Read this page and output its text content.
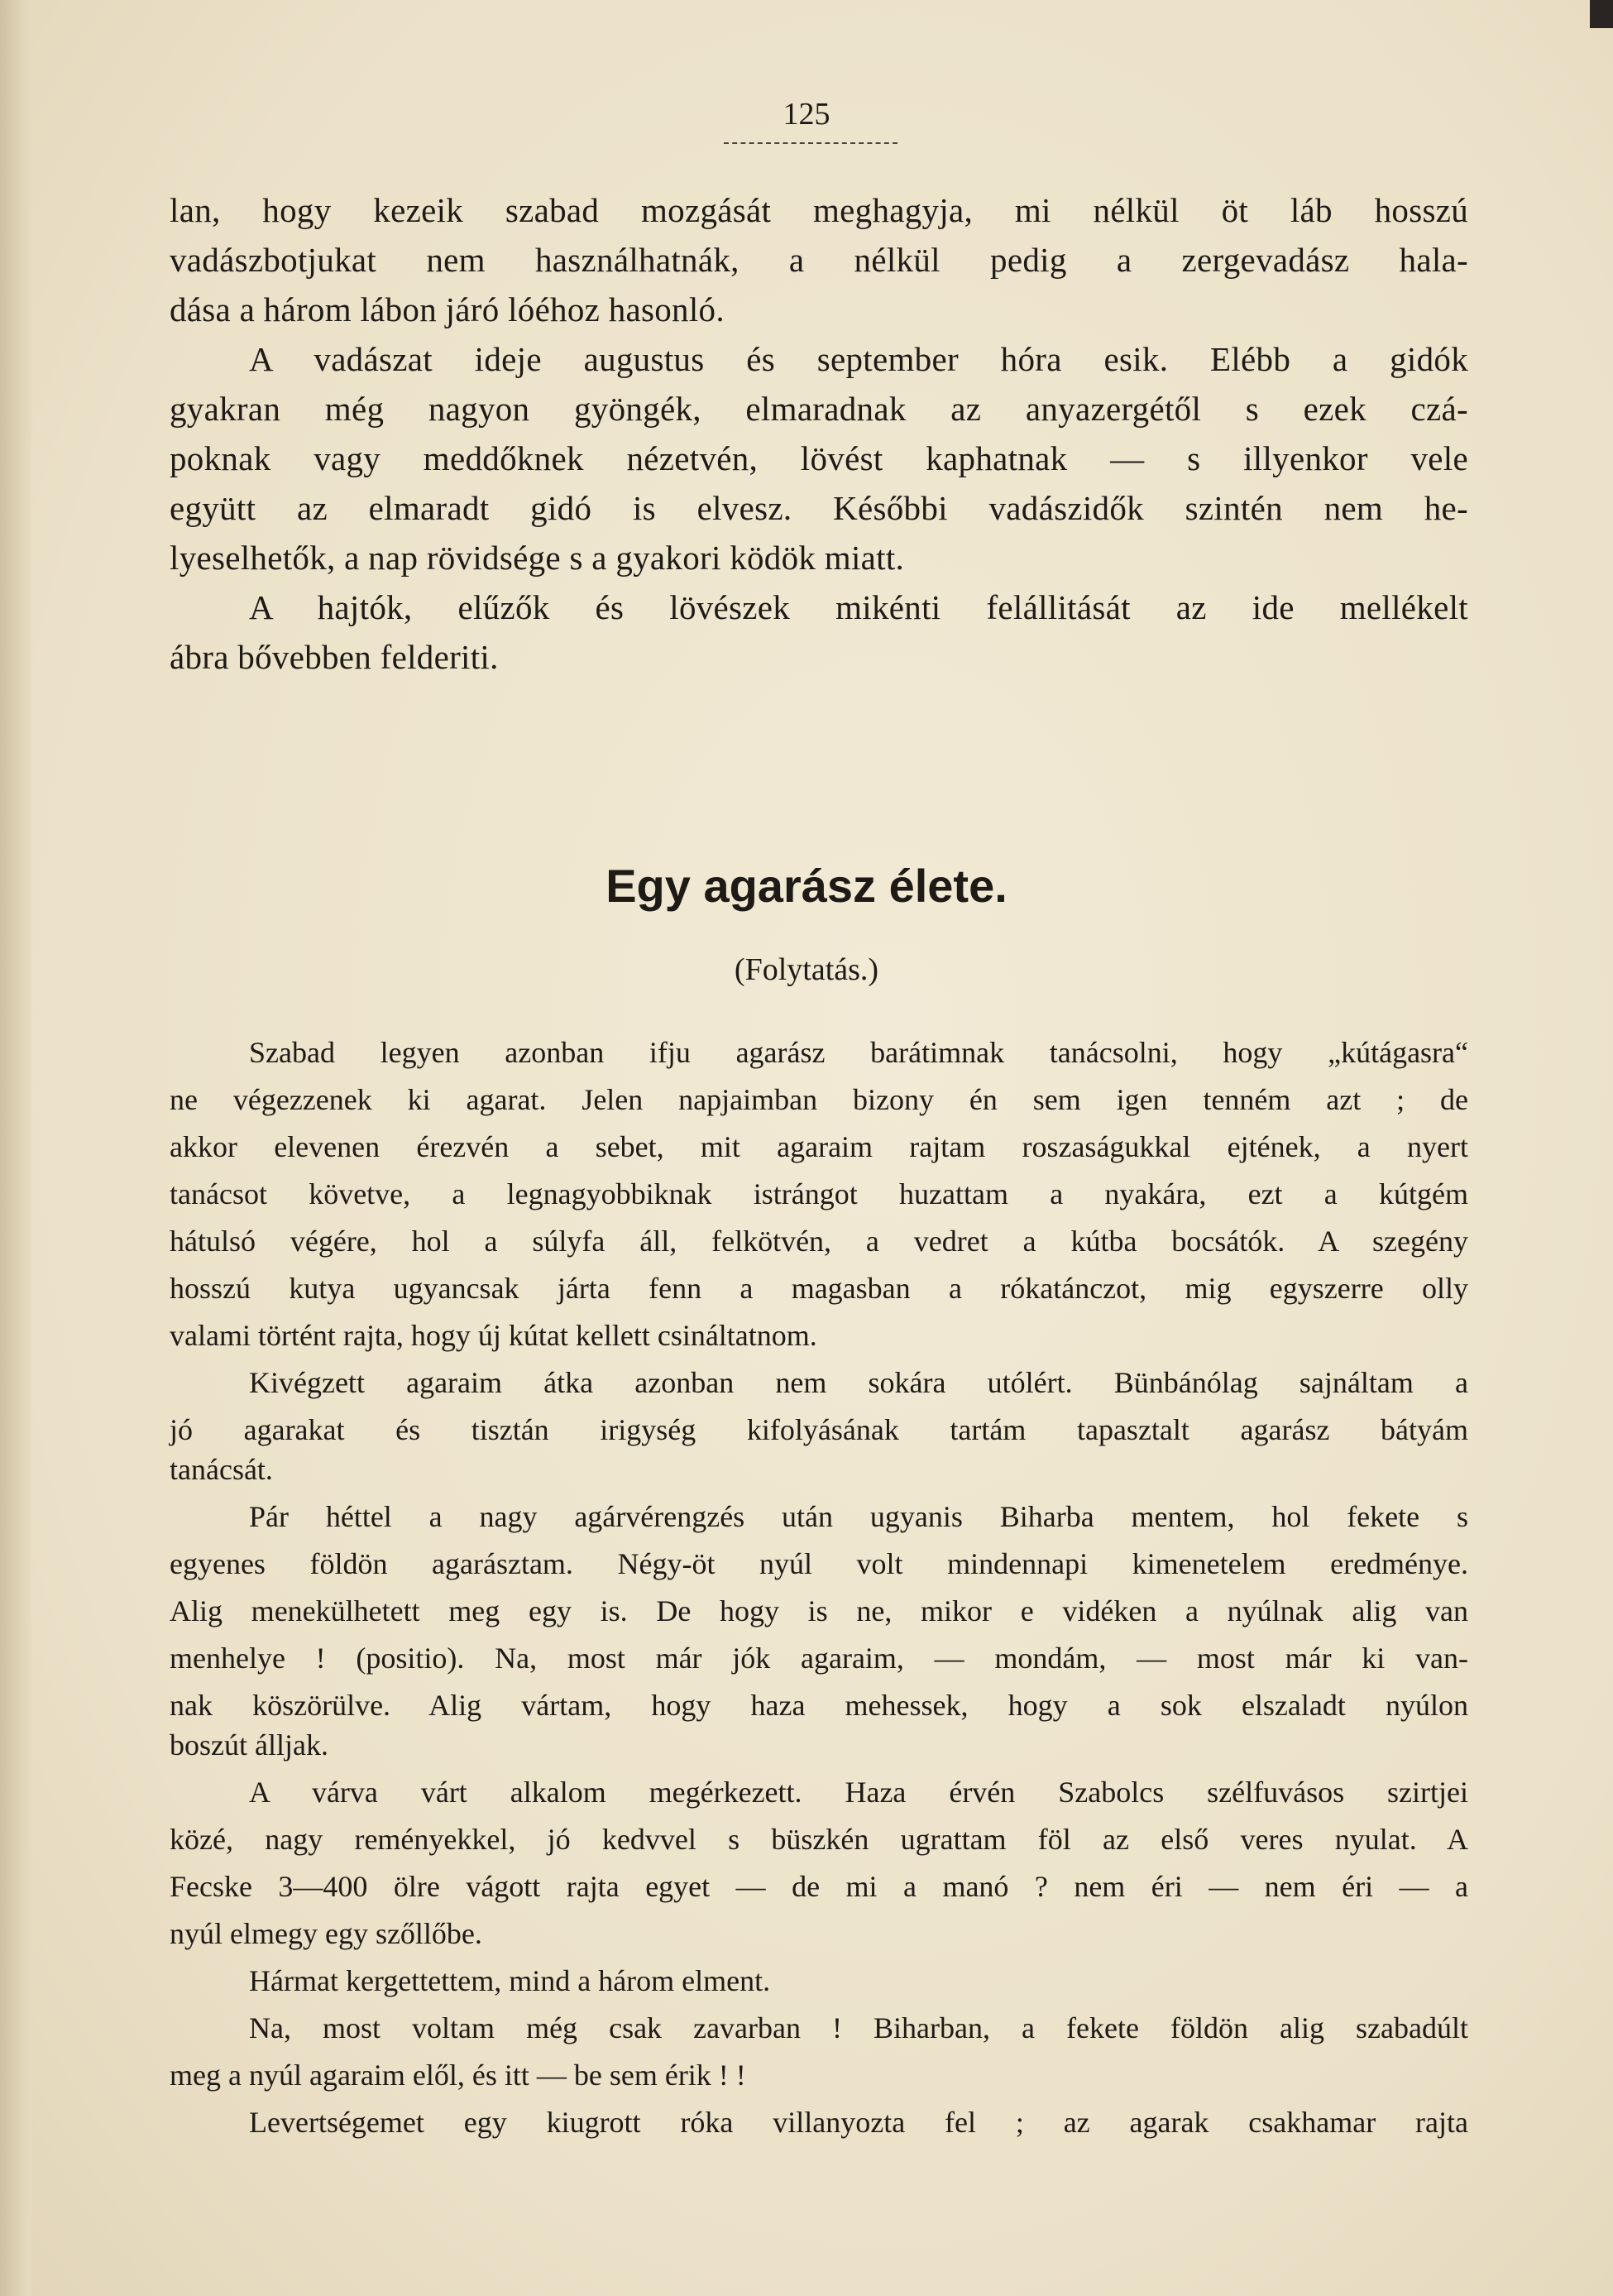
125
lan, hogy kezeik szabad mozgását meghagyja, mi nélkül öt láb hosszú
vadászbotjukat nem használhatnák, a nélkül pedig a zergevadász hala-
dása a három lábon járó lóéhoz hasonló.
A vadászat ideje augustus és september hóra esik. Elébb a gidók
gyakran még nagyon gyöngék, elmaradnak az anyazergétől s ezek czá-
poknak vagy meddőknek nézetvén, lövést kaphatnak — s illyenkor vele
együtt az elmaradt gidó is elvesz. Későbbi vadászidők szintén nem he-
lyeselhetők, a nap rövidsége s a gyakori ködök miatt.
A hajtók, elűzők és lövészek mikénti felállitását az ide mellékelt
ábra bővebben felderiti.
Egy agarász élete.
(Folytatás.)
Szabad legyen azonban ifju agarász barátimnak tanácsolni, hogy „kútágasra“
ne végezzenek ki agarat. Jelen napjaimban bizony én sem igen tenném azt ; de
akkor elevenen érezvén a sebet, mit agaraim rajtam roszaságukkal ejtének, a nyert
tanácsot követve, a legnagyobbiknak istrángot huzattam a nyakára, ezt a kútgém
hátulsó végére, hol a súlyfa áll, felkötvén, a vedret a kútba bocsátók. A szegény
hosszú kutya ugyancsak járta fenn a magasban a rókatánczot, mig egyszerre olly
valami történt rajta, hogy új kútat kellett csináltatnom.
Kivégzett agaraim átka azonban nem sokára utólért. Bünbánólag sajnáltam a
jó agarakat és tisztán irigység kifolyásának tartám tapasztalt agarász bátyám
tanácsát.
Pár héttel a nagy agárvérengzés után ugyanis Biharba mentem, hol fekete s
egyenes földön agarásztam. Négy-öt nyúl volt mindennapi kimenetelem eredménye.
Alig menekülhetett meg egy is. De hogy is ne, mikor e vidéken a nyúlnak alig van
menhelye ! (positio). Na, most már jók agaraim, — mondám, — most már ki van-
nak köszörülve. Alig vártam, hogy haza mehessek, hogy a sok elszaladt nyúlon
boszút álljak.
A várva várt alkalom megérkezett. Haza érvén Szabolcs szélfuvásos szirtjei
közé, nagy reményekkel, jó kedvvel s büszkén ugrattam föl az első veres nyulat. A
Fecske 3—400 ölre vágott rajta egyet — de mi a manó ? nem éri — nem éri — a
nyúl elmegy egy szőllőbe.
Hármat kergettettem, mind a három elment.
Na, most voltam még csak zavarban ! Biharban, a fekete földön alig szabadúlt
meg a nyúl agaraim elől, és itt — be sem érik ! !
Levertségemet egy kiugrott róka villanyozta fel ; az agarak csakhamar rajta
